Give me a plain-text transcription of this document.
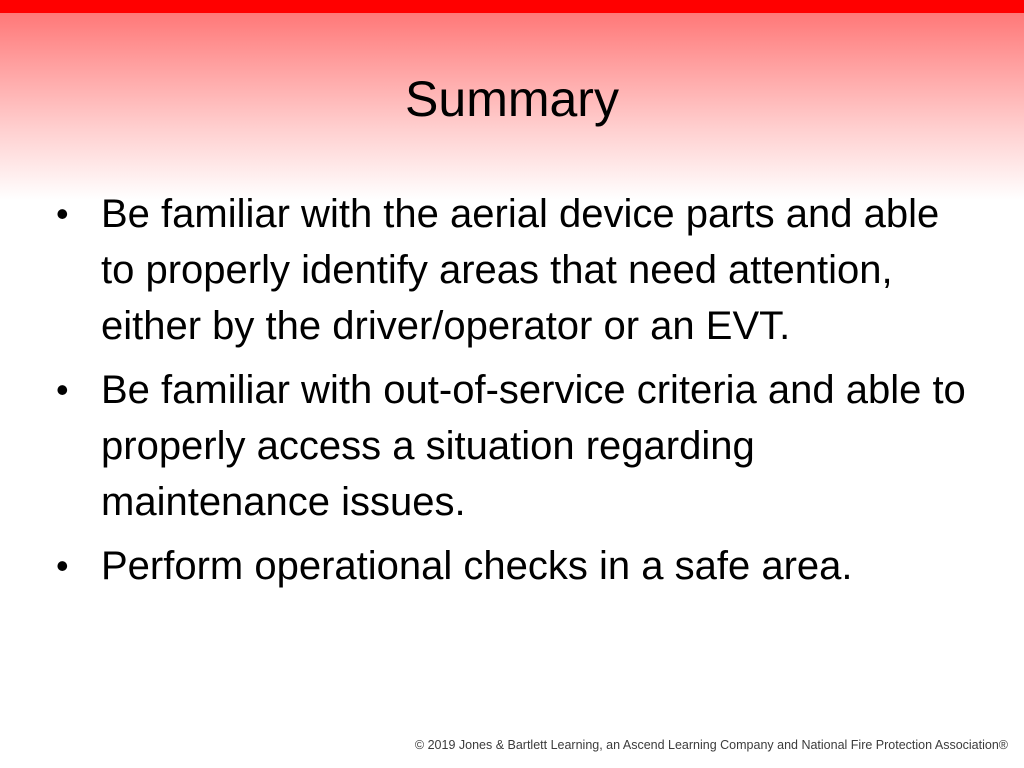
Summary
• Be familiar with the aerial device parts and able to properly identify areas that need attention, either by the driver/operator or an EVT.
• Be familiar with out-of-service criteria and able to properly access a situation regarding maintenance issues.
• Perform operational checks in a safe area.
© 2019 Jones & Bartlett Learning, an Ascend Learning Company and National Fire Protection Association®
